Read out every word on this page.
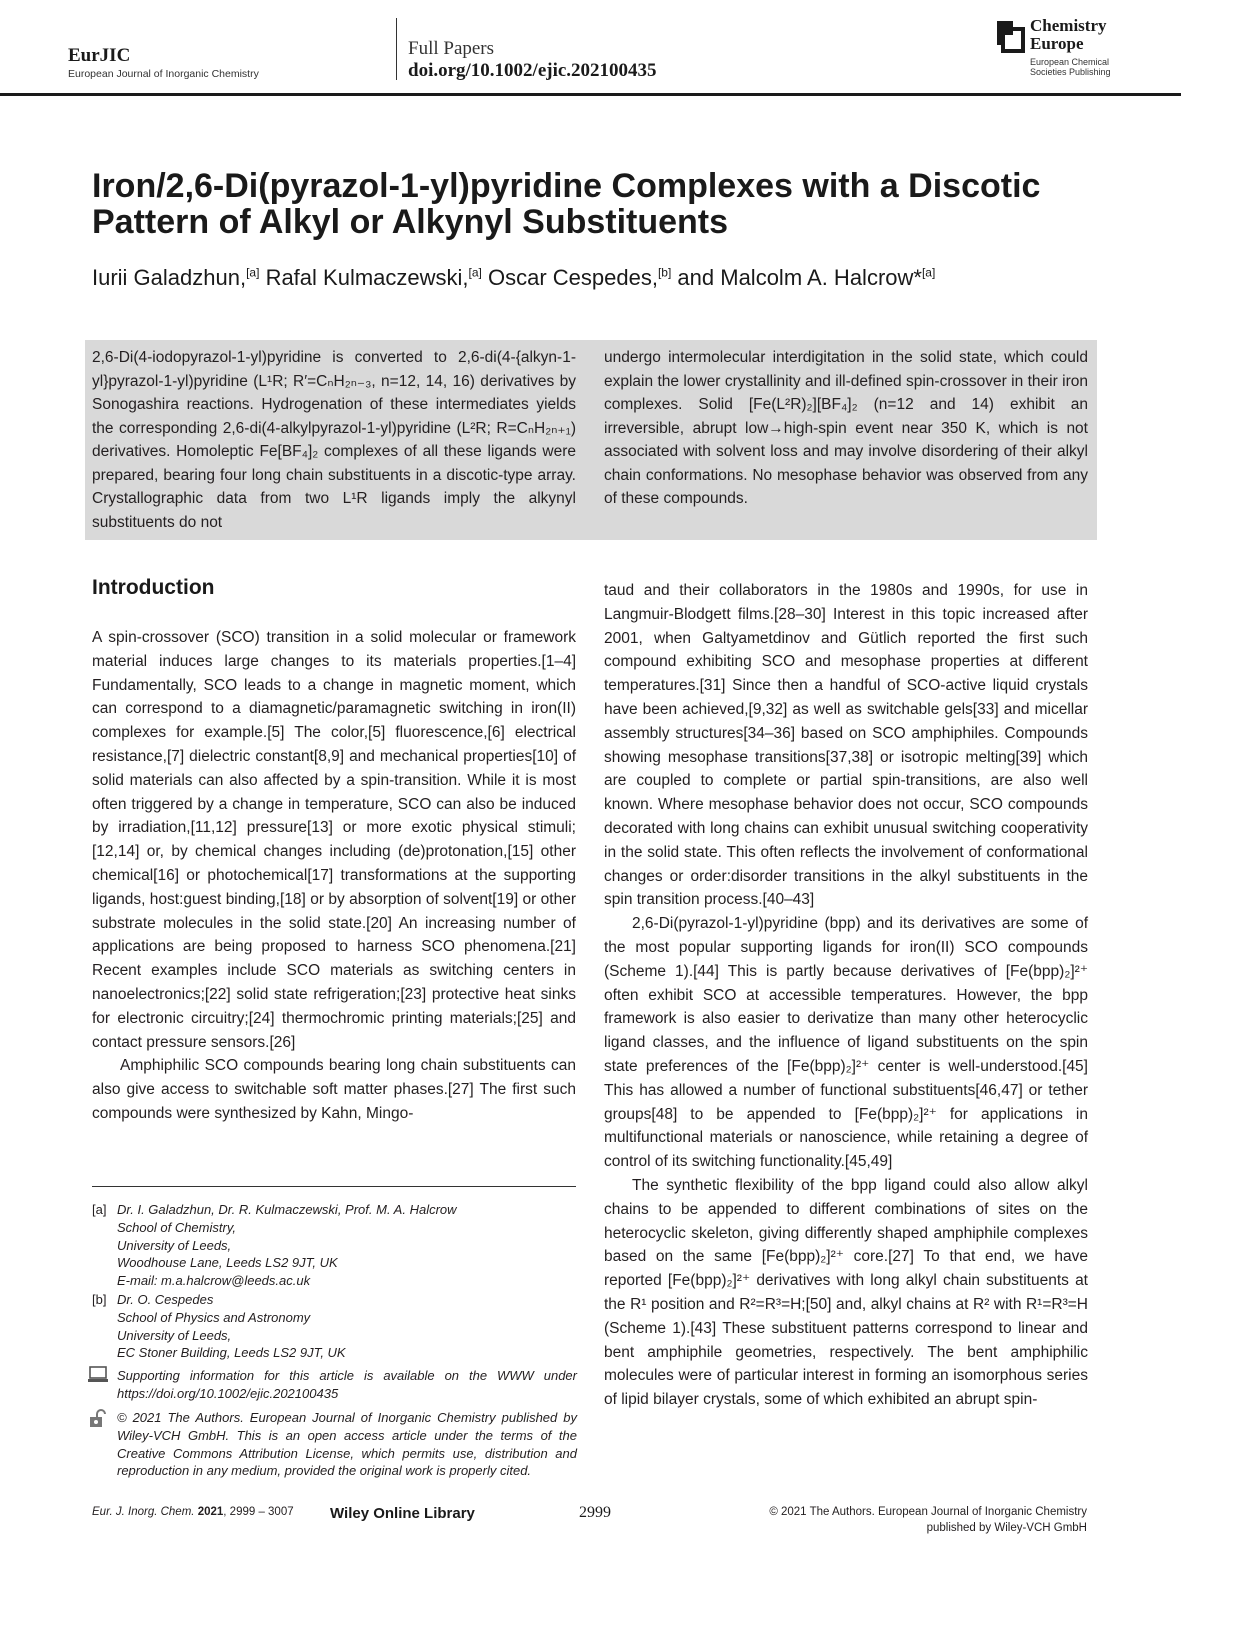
EurJIC
European Journal of Inorganic Chemistry
Full Papers
doi.org/10.1002/ejic.202100435
Chemistry
Europe
European Chemical
Societies Publishing
Iron/2,6-Di(pyrazol-1-yl)pyridine Complexes with a Discotic Pattern of Alkyl or Alkynyl Substituents
Iurii Galadzhun,[a] Rafal Kulmaczewski,[a] Oscar Cespedes,[b] and Malcolm A. Halcrow*[a]

2,6-Di(4-iodopyrazol-1-yl)pyridine is converted to 2,6-di(4-{alkyn-1-yl}pyrazol-1-yl)pyridine (L¹R; R′=CₙH₂ₙ₋₃, n=12, 14, 16) derivatives by Sonogashira reactions. Hydrogenation of these intermediates yields the corresponding 2,6-di(4-alkylpyrazol-1-yl)pyridine (L²R; R=CₙH₂ₙ₊₁) derivatives. Homoleptic Fe[BF₄]₂ complexes of all these ligands were prepared, bearing four long chain substituents in a discotic-type array. Crystallographic data from two L¹R ligands imply the alkynyl substituents do not

undergo intermolecular interdigitation in the solid state, which could explain the lower crystallinity and ill-defined spin-crossover in their iron complexes. Solid [Fe(L²R)₂][BF₄]₂ (n=12 and 14) exhibit an irreversible, abrupt low→high-spin event near 350 K, which is not associated with solvent loss and may involve disordering of their alkyl chain conformations. No mesophase behavior was observed from any of these compounds.

Introduction

A spin-crossover (SCO) transition in a solid molecular or framework material induces large changes to its materials properties.[1–4] Fundamentally, SCO leads to a change in magnetic moment, which can correspond to a diamagnetic/paramagnetic switching in iron(II) complexes for example.[5] The color,[5] fluorescence,[6] electrical resistance,[7] dielectric constant[8,9] and mechanical properties[10] of solid materials can also affected by a spin-transition. While it is most often triggered by a change in temperature, SCO can also be induced by irradiation,[11,12] pressure[13] or more exotic physical stimuli;[12,14] or, by chemical changes including (de)protonation,[15] other chemical[16] or photochemical[17] transformations at the supporting ligands, host:guest binding,[18] or by absorption of solvent[19] or other substrate molecules in the solid state.[20] An increasing number of applications are being proposed to harness SCO phenomena.[21] Recent examples include SCO materials as switching centers in nanoelectronics;[22] solid state refrigeration;[23] protective heat sinks for electronic circuitry;[24] thermochromic printing materials;[25] and contact pressure sensors.[26]

Amphiphilic SCO compounds bearing long chain substituents can also give access to switchable soft matter phases.[27] The first such compounds were synthesized by Kahn, Mingo-

[a] Dr. I. Galadzhun, Dr. R. Kulmaczewski, Prof. M. A. Halcrow
School of Chemistry,
University of Leeds,
Woodhouse Lane, Leeds LS2 9JT, UK
E-mail: m.a.halcrow@leeds.ac.uk
[b] Dr. O. Cespedes
School of Physics and Astronomy
University of Leeds,
EC Stoner Building, Leeds LS2 9JT, UK
Supporting information for this article is available on the WWW under https://doi.org/10.1002/ejic.202100435
© 2021 The Authors. European Journal of Inorganic Chemistry published by Wiley-VCH GmbH. This is an open access article under the terms of the Creative Commons Attribution License, which permits use, distribution and reproduction in any medium, provided the original work is properly cited.

taud and their collaborators in the 1980s and 1990s, for use in Langmuir-Blodgett films.[28–30] Interest in this topic increased after 2001, when Galtyametdinov and Gütlich reported the first such compound exhibiting SCO and mesophase properties at different temperatures.[31] Since then a handful of SCO-active liquid crystals have been achieved,[9,32] as well as switchable gels[33] and micellar assembly structures[34–36] based on SCO amphiphiles. Compounds showing mesophase transitions[37,38] or isotropic melting[39] which are coupled to complete or partial spin-transitions, are also well known. Where mesophase behavior does not occur, SCO compounds decorated with long chains can exhibit unusual switching cooperativity in the solid state. This often reflects the involvement of conformational changes or order:disorder transitions in the alkyl substituents in the spin transition process.[40–43]

2,6-Di(pyrazol-1-yl)pyridine (bpp) and its derivatives are some of the most popular supporting ligands for iron(II) SCO compounds (Scheme 1).[44] This is partly because derivatives of [Fe(bpp)₂]²⁺ often exhibit SCO at accessible temperatures. However, the bpp framework is also easier to derivatize than many other heterocyclic ligand classes, and the influence of ligand substituents on the spin state preferences of the [Fe(bpp)₂]²⁺ center is well-understood.[45] This has allowed a number of functional substituents[46,47] or tether groups[48] to be appended to [Fe(bpp)₂]²⁺ for applications in multifunctional materials or nanoscience, while retaining a degree of control of its switching functionality.[45,49]

The synthetic flexibility of the bpp ligand could also allow alkyl chains to be appended to different combinations of sites on the heterocyclic skeleton, giving differently shaped amphiphile complexes based on the same [Fe(bpp)₂]²⁺ core.[27] To that end, we have reported [Fe(bpp)₂]²⁺ derivatives with long alkyl chain substituents at the R¹ position and R²=R³=H;[50] and, alkyl chains at R² with R¹=R³=H (Scheme 1).[43] These substituent patterns correspond to linear and bent amphiphile geometries, respectively. The bent amphiphilic molecules were of particular interest in forming an isomorphous series of lipid bilayer crystals, some of which exhibited an abrupt spin-

Eur. J. Inorg. Chem. 2021, 2999 – 3007 Wiley Online Library	2999	© 2021 The Authors. European Journal of Inorganic Chemistry
published by Wiley-VCH GmbH
